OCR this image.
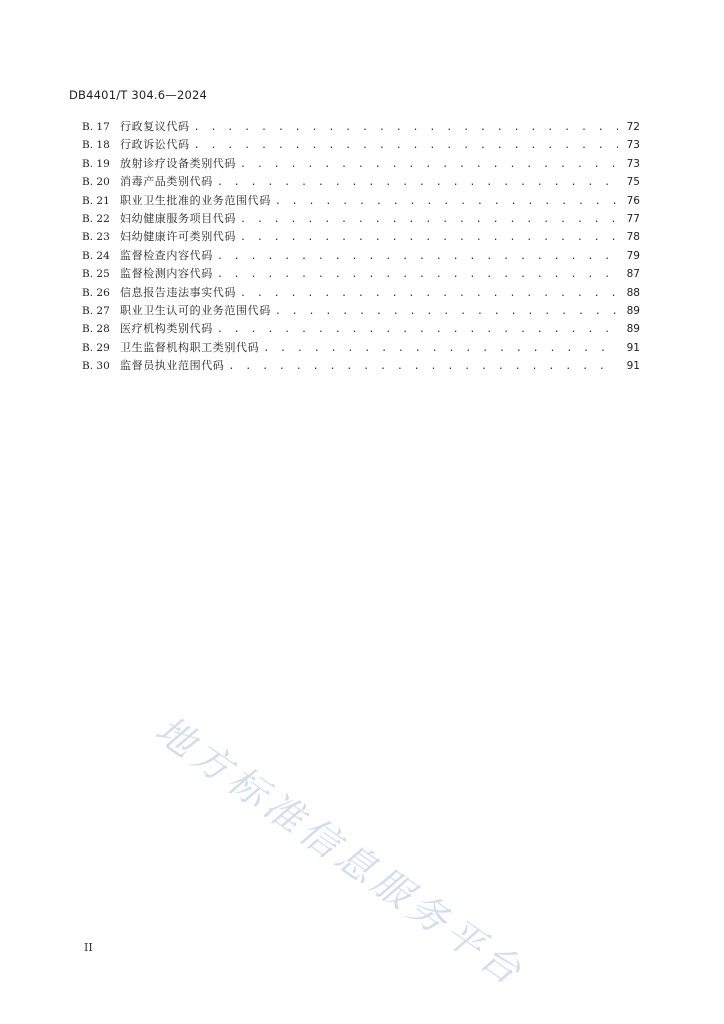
DB4401/T 304.6—2024
B. 17 行政复议代码 . . .	72
B. 18 行政诉讼代码 . . .	73
B. 19 放射诊疗设备类别代码 . . .	73
B. 20 消毒产品类别代码 . . .	75
B. 21 职业卫生批准的业务范围代码 . . .	76
B. 22 妇幼健康服务项目代码 . . .	77
B. 23 妇幼健康许可类别代码 . . .	78
B. 24 监督检查内容代码 . . .	79
B. 25 监督检测内容代码 . . .	87
B. 26 信息报告违法事实代码 . . .	88
B. 27 职业卫生认可的业务范围代码 . . .	89
B. 28 医疗机构类别代码 . . .	89
B. 29 卫生监督机构职工类别代码 . . .	91
B. 30 监督员执业范围代码 . . .	91
地方标准信息服务平台
II
